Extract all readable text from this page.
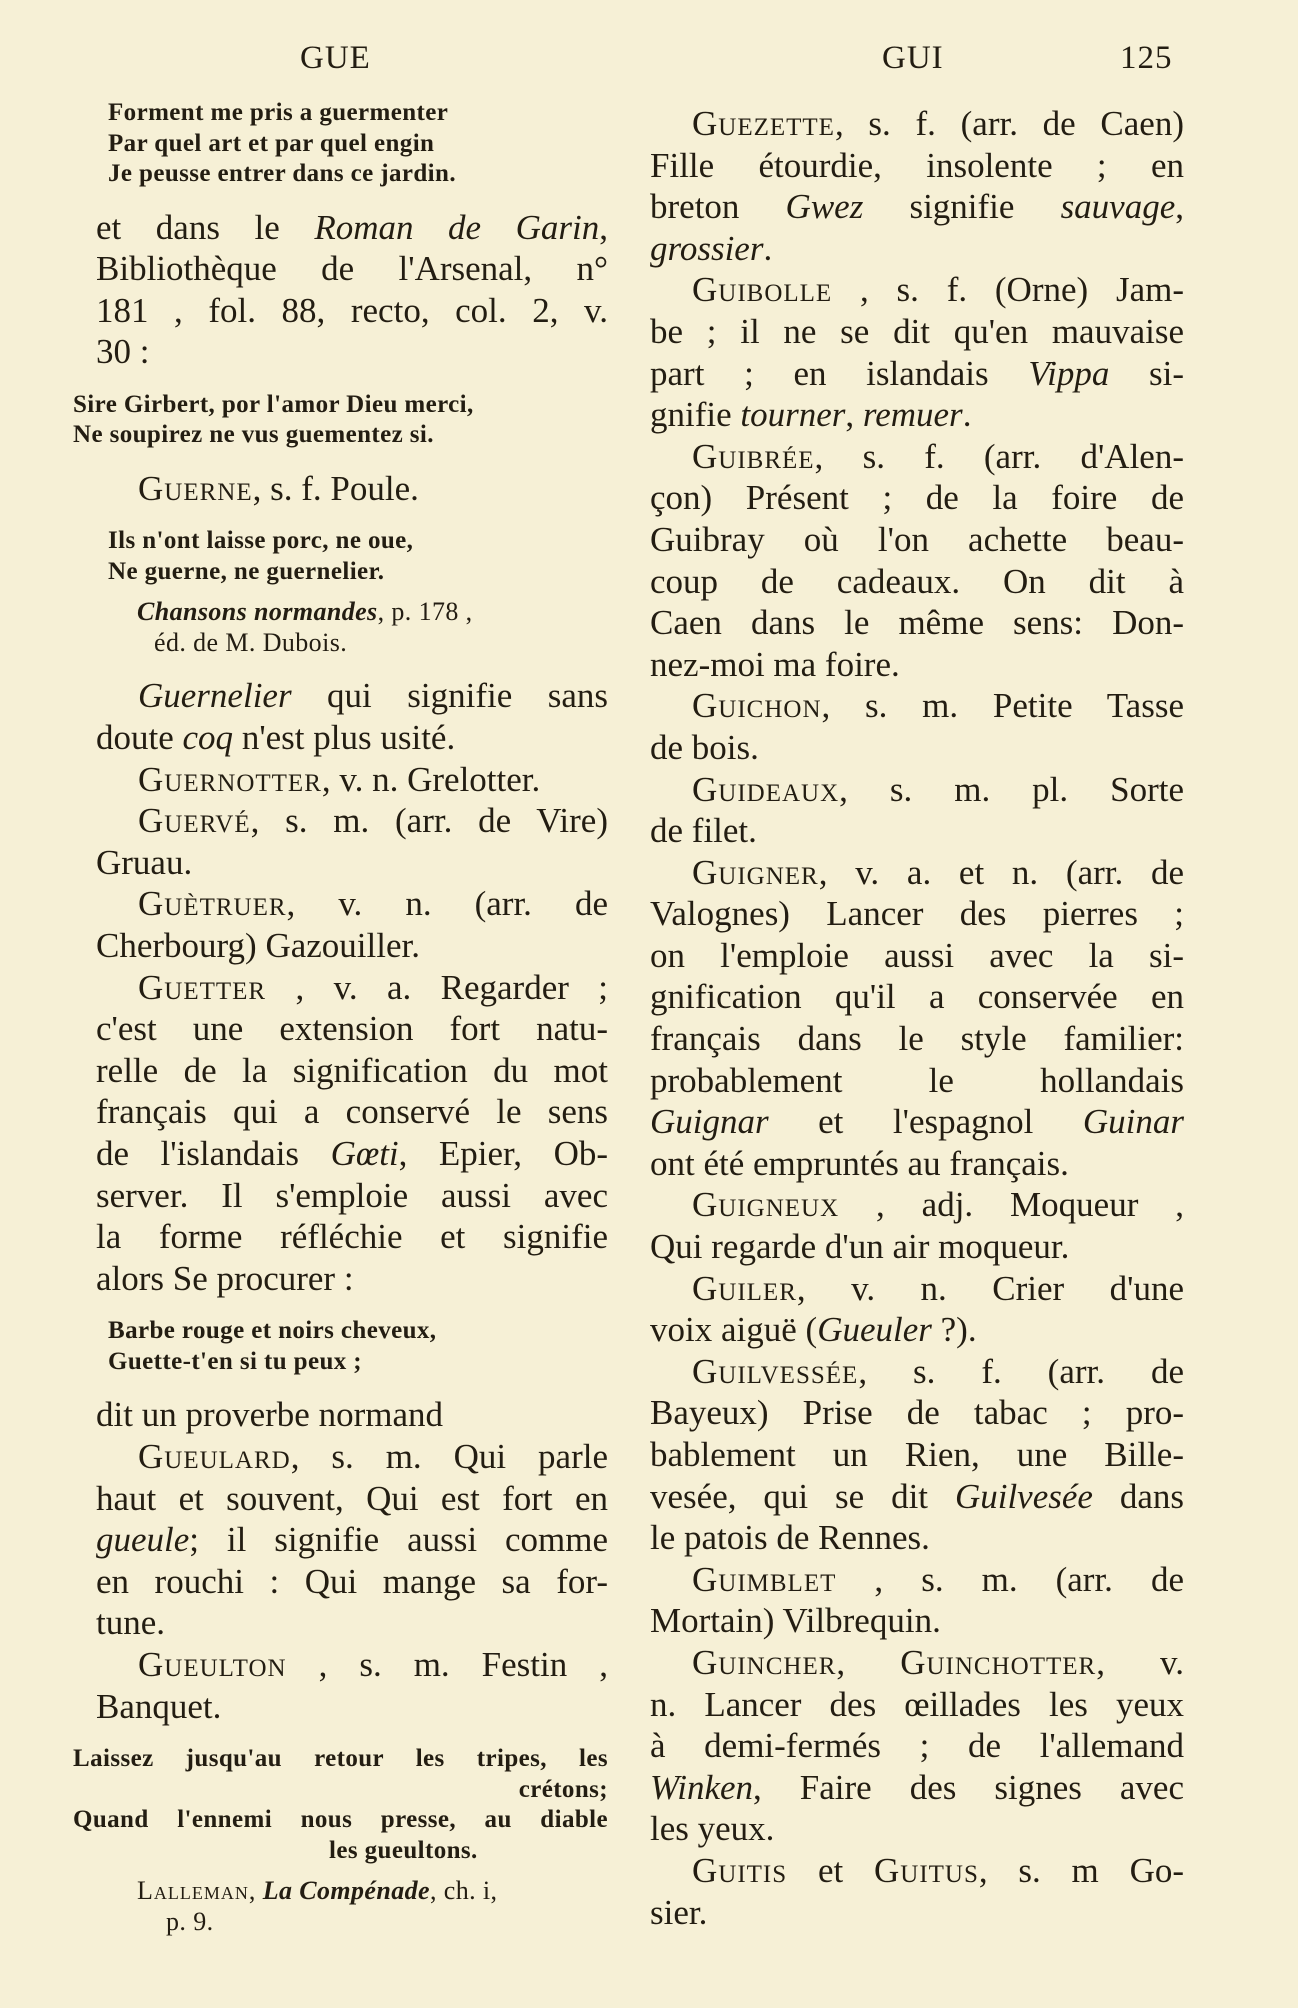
GUE	GUI	125
Forment me pris a guermenter
Par quel art et par quel engin
Je peusse entrer dans ce jardin.
et dans le Roman de Garin,
Bibliothèque de l'Arsenal, n°
181 , fol. 88, recto, col. 2, v.
30 :
Sire Girbert, por l'amor Dieu merci,
Ne soupirez ne vus guementez si.
Guerne, s. f. Poule.
Ils n'ont laisse porc, ne oue,
Ne guerne, ne guernelier.
Chansons normandes, p. 178 ,
éd. de M. Dubois.
Guernelier qui signifie sans
doute coq n'est plus usité.
Guernotter, v. n. Grelotter.
Guervé, s. m. (arr. de Vire)
Gruau.
Guètruer, v. n. (arr. de
Cherbourg) Gazouiller.
Guetter , v. a. Regarder ;
c'est une extension fort natu-
relle de la signification du mot
français qui a conservé le sens
de l'islandais Gœti, Epier, Ob-
server. Il s'emploie aussi avec
la forme réfléchie et signifie
alors Se procurer :
Barbe rouge et noirs cheveux,
Guette-t'en si tu peux ;
dit un proverbe normand
Gueulard, s. m. Qui parle
haut et souvent, Qui est fort en
gueule; il signifie aussi comme
en rouchi : Qui mange sa for-
tune.
Gueulton , s. m. Festin ,
Banquet.
Laissez jusqu'au retour les tripes, les
crétons;
Quand l'ennemi nous presse, au diable
les gueultons.
Lalleman, La Compénade, ch. i,
p. 9.
Guezette, s. f. (arr. de Caen)
Fille étourdie, insolente ; en
breton Gwez signifie sauvage,
grossier.
Guibolle , s. f. (Orne) Jam-
be ; il ne se dit qu'en mauvaise
part ; en islandais Vippa si-
gnifie tourner, remuer.
Guibrée, s. f. (arr. d'Alen-
çon) Présent ; de la foire de
Guibray où l'on achette beau-
coup de cadeaux. On dit à
Caen dans le même sens: Don-
nez-moi ma foire.
Guichon, s. m. Petite Tasse
de bois.
Guideaux, s. m. pl. Sorte
de filet.
Guigner, v. a. et n. (arr. de
Valognes) Lancer des pierres ;
on l'emploie aussi avec la si-
gnification qu'il a conservée en
français dans le style familier:
probablement le hollandais
Guignar et l'espagnol Guinar
ont été empruntés au français.
Guigneux , adj. Moqueur ,
Qui regarde d'un air moqueur.
Guiler, v. n. Crier d'une
voix aiguë (Gueuler ?).
Guilvessée, s. f. (arr. de
Bayeux) Prise de tabac ; pro-
bablement un Rien, une Bille-
vesée, qui se dit Guilvesée dans
le patois de Rennes.
Guimblet , s. m. (arr. de
Mortain) Vilbrequin.
Guincher, Guinchotter, v.
n. Lancer des œillades les yeux
à demi-fermés ; de l'allemand
Winken, Faire des signes avec
les yeux.
Guitis et Guitus, s. m Go-
sier.
